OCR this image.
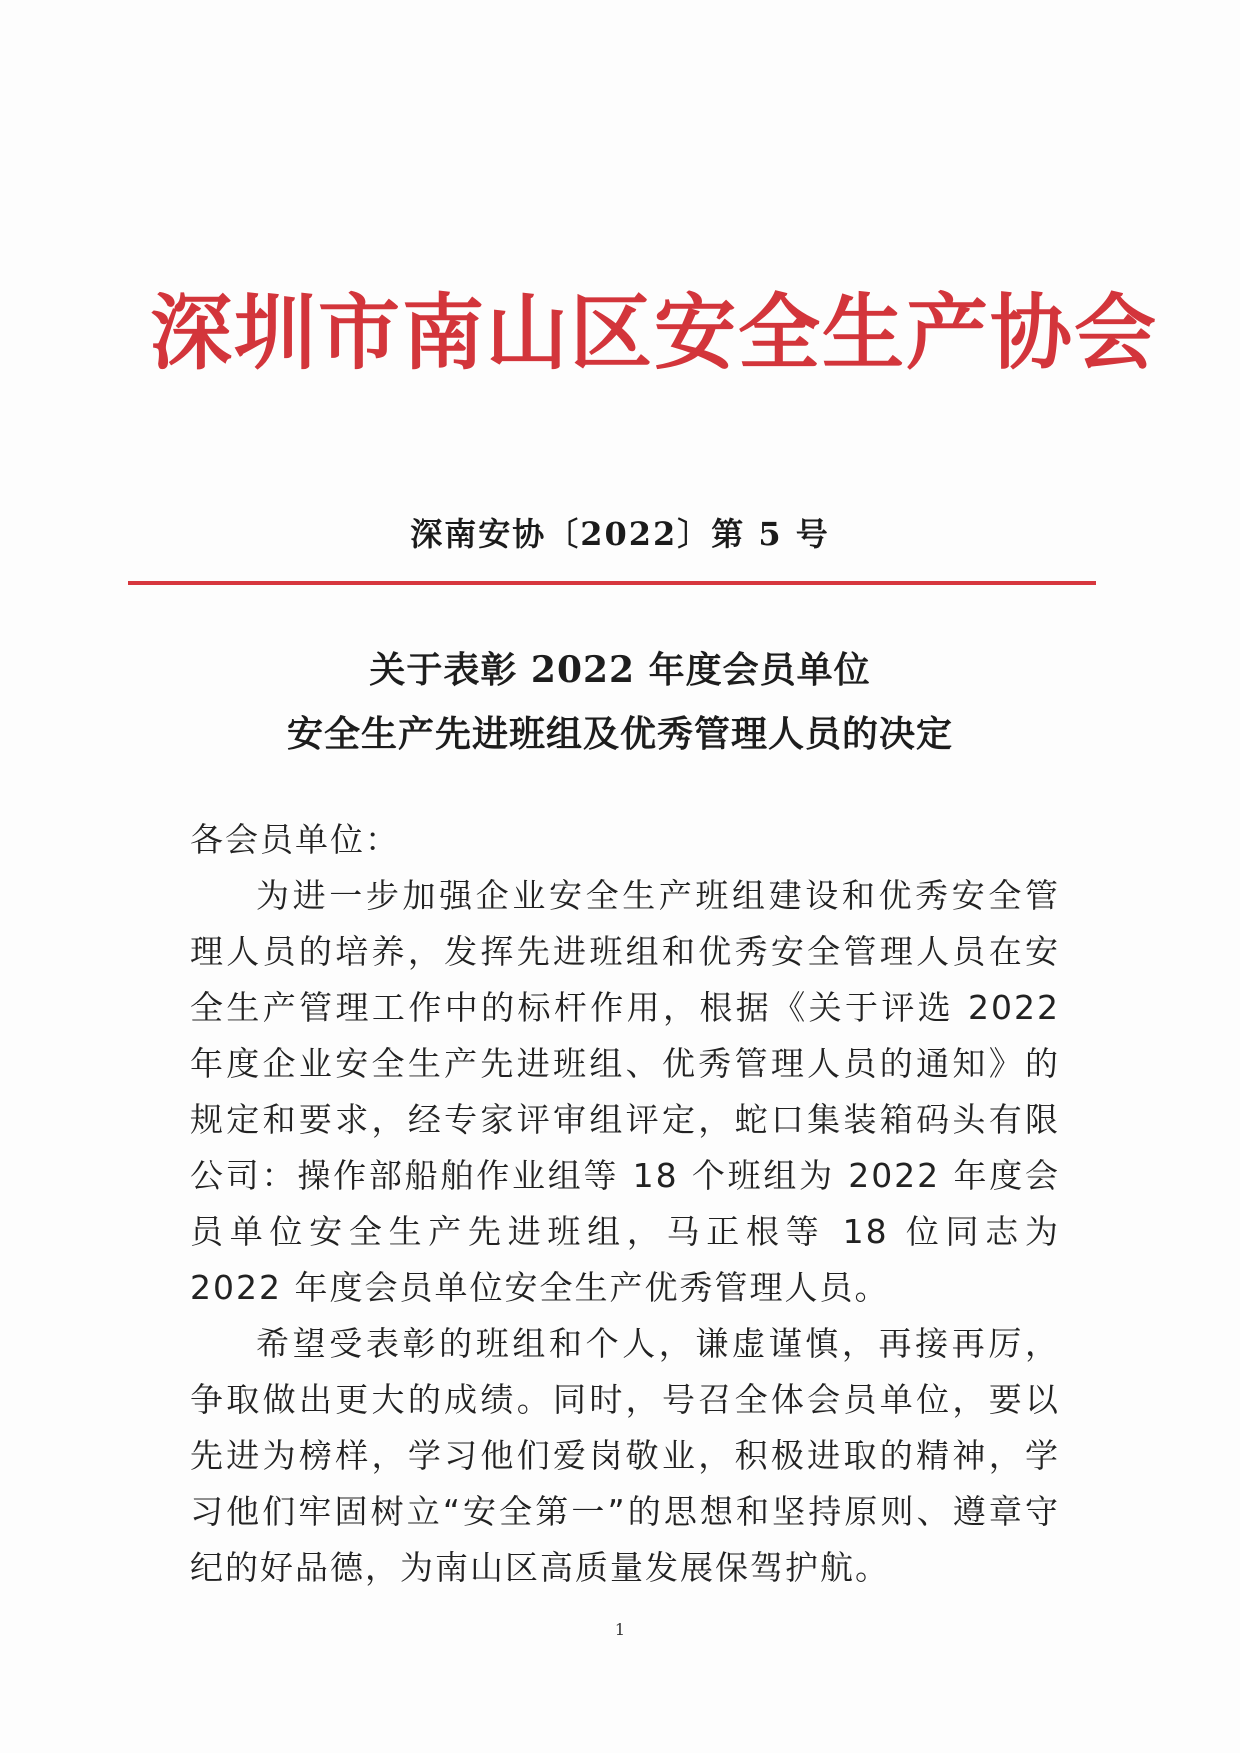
深圳市南山区安全生产协会
深南安协〔2022〕第 5 号
关于表彰 2022 年度会员单位
安全生产先进班组及优秀管理人员的决定
各会员单位：

为进一步加强企业安全生产班组建设和优秀安全管理人员的培养，发挥先进班组和优秀安全管理人员在安全生产管理工作中的标杆作用，根据《关于评选 2022 年度企业安全生产先进班组、优秀管理人员的通知》的规定和要求，经专家评审组评定，蛇口集装箱码头有限公司：操作部船舶作业组等 18 个班组为 2022 年度会员单位安全生产先进班组，马正根等 18 位同志为 2022 年度会员单位安全生产优秀管理人员。

希望受表彰的班组和个人，谦虚谨慎，再接再厉，争取做出更大的成绩。同时，号召全体会员单位，要以先进为榜样，学习他们爱岗敬业，积极进取的精神，学习他们牢固树立“安全第一”的思想和坚持原则、遵章守纪的好品德，为南山区高质量发展保驾护航。

1
